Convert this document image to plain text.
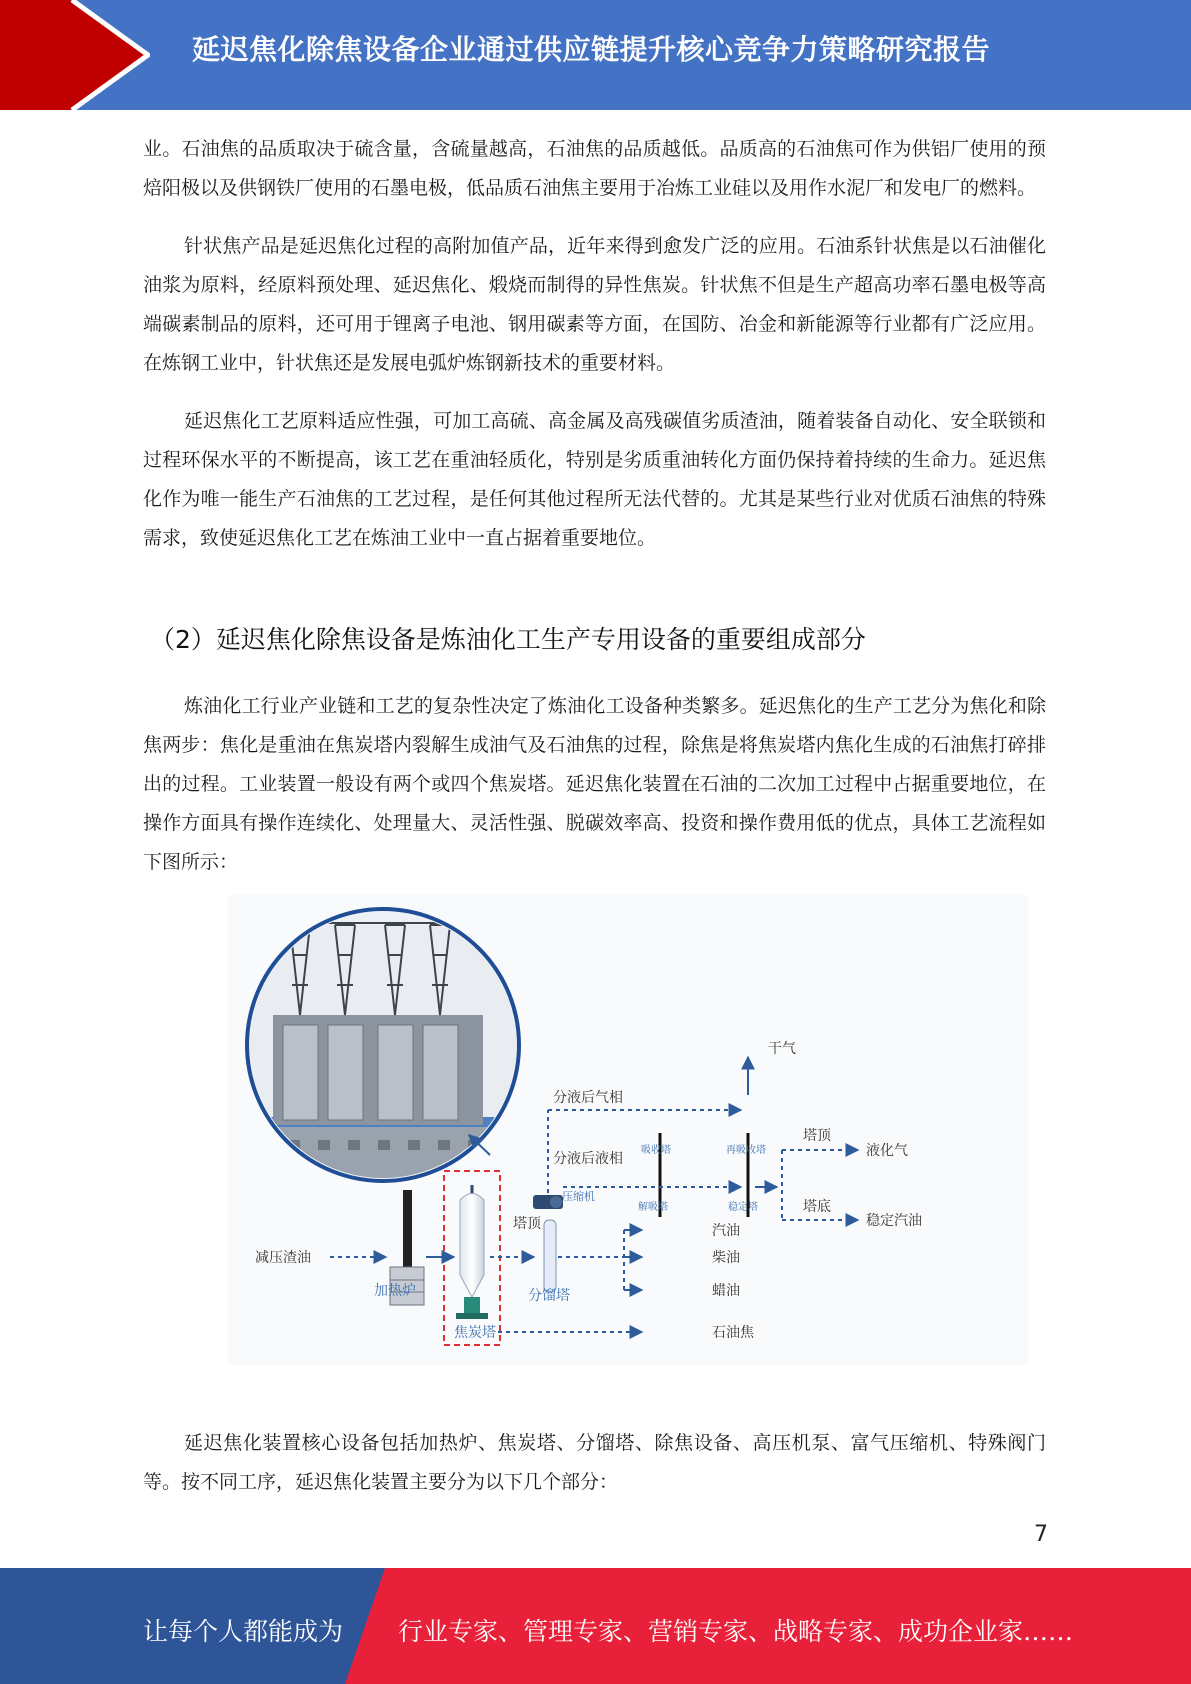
延迟焦化除焦设备企业通过供应链提升核心竞争力策略研究报告

业。石油焦的品质取决于硫含量，含硫量越高，石油焦的品质越低。品质高的石油焦可作为供铝厂使用的预焙阳极以及供钢铁厂使用的石墨电极，低品质石油焦主要用于冶炼工业硅以及用作水泥厂和发电厂的燃料。

针状焦产品是延迟焦化过程的高附加值产品，近年来得到愈发广泛的应用。石油系针状焦是以石油催化油浆为原料，经原料预处理、延迟焦化、煅烧而制得的异性焦炭。针状焦不但是生产超高功率石墨电极等高端碳素制品的原料，还可用于锂离子电池、钢用碳素等方面，在国防、冶金和新能源等行业都有广泛应用。在炼钢工业中，针状焦还是发展电弧炉炼钢新技术的重要材料。

延迟焦化工艺原料适应性强，可加工高硫、高金属及高残碳值劣质渣油，随着装备自动化、安全联锁和过程环保水平的不断提高，该工艺在重油轻质化，特别是劣质重油转化方面仍保持着持续的生命力。延迟焦化作为唯一能生产石油焦的工艺过程，是任何其他过程所无法代替的。尤其是某些行业对优质石油焦的特殊需求，致使延迟焦化工艺在炼油工业中一直占据着重要地位。

（2）延迟焦化除焦设备是炼油化工生产专用设备的重要组成部分

炼油化工行业产业链和工艺的复杂性决定了炼油化工设备种类繁多。延迟焦化的生产工艺分为焦化和除焦两步：焦化是重油在焦炭塔内裂解生成油气及石油焦的过程，除焦是将焦炭塔内焦化生成的石油焦打碎排出的过程。工业装置一般设有两个或四个焦炭塔。延迟焦化装置在石油的二次加工过程中占据重要地位，在操作方面具有操作连续化、处理量大、灵活性强、脱碳效率高、投资和操作费用低的优点，具体工艺流程如下图所示：

减压渣油
加热炉
焦炭塔
塔顶
分馏塔
压缩机
分液后气相
分液后液相
吸收塔
解吸塔
再吸收塔
稳定塔
干气
塔顶
液化气
塔底
稳定汽油
汽油
柴油
蜡油
石油焦

延迟焦化装置核心设备包括加热炉、焦炭塔、分馏塔、除焦设备、高压机泵、富气压缩机、特殊阀门等。按不同工序，延迟焦化装置主要分为以下几个部分：

7
让每个人都能成为 行业专家、管理专家、营销专家、战略专家、成功企业家……
